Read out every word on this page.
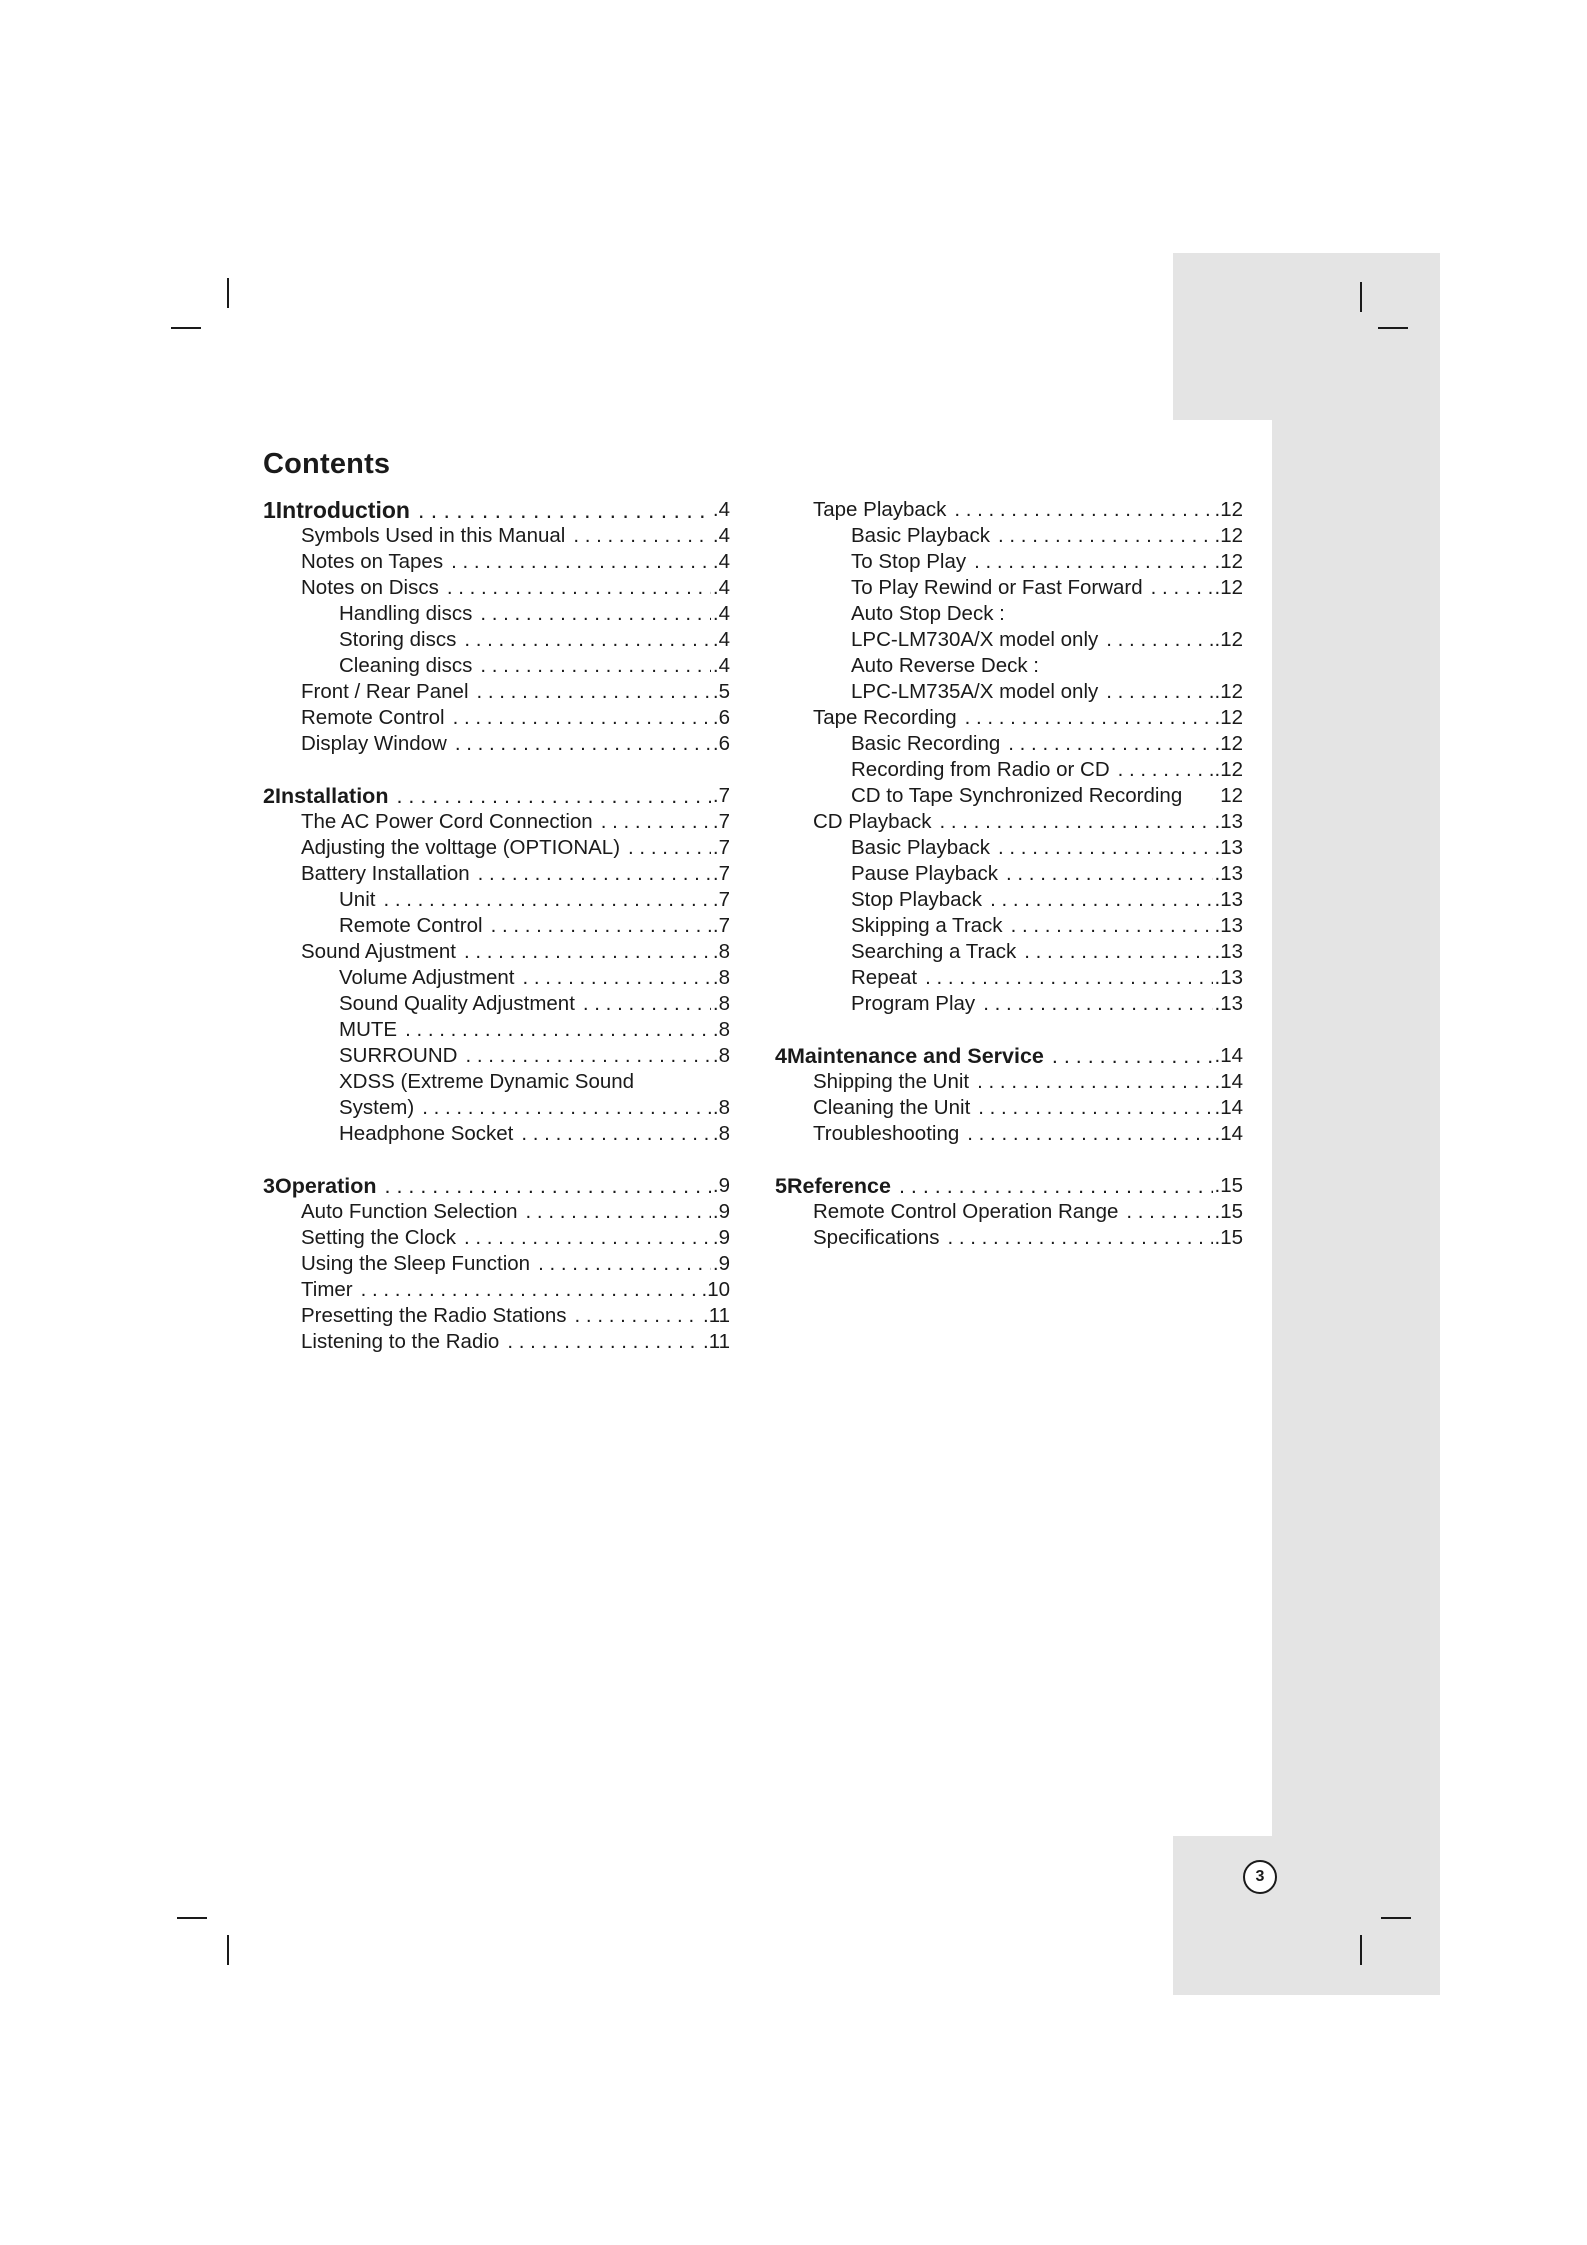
Contents
1 Introduction . . .	.4
Symbols Used in this Manual . . .	.4
Notes on Tapes . . .	.4
Notes on Discs . . .	.4
Handling discs . . .	.4
Storing discs . . .	.4
Cleaning discs . . .	.4
Front / Rear Panel . . .	.5
Remote Control . . .	.6
Display Window . . .	.6
2 Installation . . .	.7
The AC Power Cord Connection . . .	.7
Adjusting the volttage (OPTIONAL) . . .	.7
Battery Installation . . .	.7
Unit . . .	.7
Remote Control . . .	.7
Sound Ajustment . . .	.8
Volume Adjustment . . .	.8
Sound Quality Adjustment . . .	.8
MUTE . . .	.8
SURROUND . . .	.8
XDSS (Extreme Dynamic Sound
System) . . .	.8
Headphone Socket . . .	.8
3 Operation . . .	.9
Auto Function Selection . . .	.9
Setting the Clock . . .	.9
Using the Sleep Function . . .	.9
Timer . . .	.10
Presetting the Radio Stations . . .	.11
Listening to the Radio . . .	.11
Tape Playback . . .	.12
Basic Playback . . .	.12
To Stop Play . . .	.12
To Play Rewind or Fast Forward . . .	.12
Auto Stop Deck :
LPC-LM730A/X model only . . .	.12
Auto Reverse Deck :
LPC-LM735A/X model only . . .	.12
Tape Recording . . .	.12
Basic Recording . . .	.12
Recording from Radio or CD . . .	.12
CD to Tape Synchronized Recording 12
CD Playback . . .	.13
Basic Playback . . .	.13
Pause Playback . . .	.13
Stop Playback . . .	.13
Skipping a Track . . .	.13
Searching a Track . . .	.13
Repeat . . .	.13
Program Play . . .	.13
4 Maintenance and Service . . .	.14
Shipping the Unit . . .	.14
Cleaning the Unit . . .	.14
Troubleshooting . . .	.14
5 Reference . . .	.15
Remote Control Operation Range . . .	.15
Specifications . . .	.15
3
